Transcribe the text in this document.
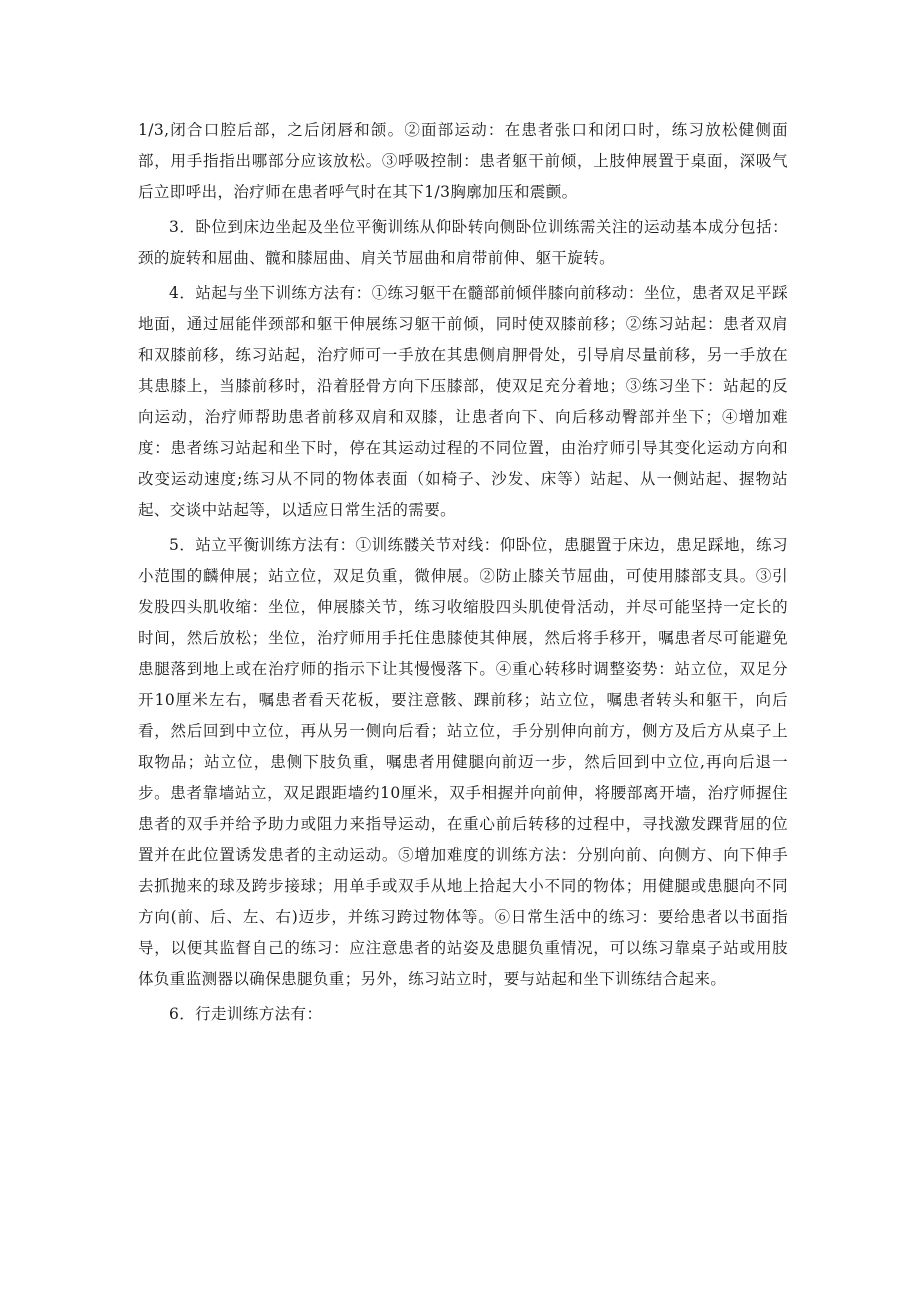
1/3,闭合口腔后部，之后闭唇和颌。②面部运动：在患者张口和闭口时，练习放松健侧面部，用手指指出哪部分应该放松。③呼吸控制：患者躯干前倾，上肢伸展置于桌面，深吸气后立即呼出，治疗师在患者呼气时在其下1/3胸廓加压和震颤。

3．卧位到床边坐起及坐位平衡训练从仰卧转向侧卧位训练需关注的运动基本成分包括：颈的旋转和屈曲、髋和膝屈曲、肩关节屈曲和肩带前伸、躯干旋转。

4．站起与坐下训练方法有：①练习躯干在髓部前倾伴膝向前移动：坐位，患者双足平踩地面，通过屈能伴颈部和躯干伸展练习躯干前倾，同时使双膝前移；②练习站起：患者双肩和双膝前移，练习站起，治疗师可一手放在其患侧肩胛骨处，引导肩尽量前移，另一手放在其患膝上，当膝前移时，沿着胫骨方向下压膝部，使双足充分着地；③练习坐下：站起的反向运动，治疗师帮助患者前移双肩和双膝，让患者向下、向后移动臀部并坐下；④增加难度：患者练习站起和坐下时，停在其运动过程的不同位置，由治疗师引导其变化运动方向和改变运动速度;练习从不同的物体表面（如椅子、沙发、床等）站起、从一侧站起、握物站起、交谈中站起等，以适应日常生活的需要。

5．站立平衡训练方法有：①训练髅关节对线：仰卧位，患腿置于床边，患足踩地，练习小范围的麟伸展；站立位，双足负重，微伸展。②防止膝关节屈曲，可使用膝部支具。③引发股四头肌收缩：坐位，伸展膝关节，练习收缩股四头肌使骨活动，并尽可能坚持一定长的时间，然后放松；坐位，治疗师用手托住患膝使其伸展，然后将手移开，嘱患者尽可能避免患腿落到地上或在治疗师的指示下让其慢慢落下。④重心转移时调整姿势：站立位，双足分开10厘米左右，嘱患者看天花板，要注意骸、踝前移；站立位，嘱患者转头和躯干，向后看，然后回到中立位，再从另一侧向后看；站立位，手分别伸向前方，侧方及后方从桌子上取物品；站立位，患侧下肢负重，嘱患者用健腿向前迈一步，然后回到中立位,再向后退一步。患者靠墙站立，双足跟距墙约10厘米，双手相握并向前伸，将腰部离开墙，治疗师握住患者的双手并给予助力或阻力来指导运动，在重心前后转移的过程中，寻找激发踝背屈的位置并在此位置诱发患者的主动运动。⑤增加难度的训练方法：分别向前、向侧方、向下伸手去抓抛来的球及跨步接球；用单手或双手从地上拾起大小不同的物体；用健腿或患腿向不同方向(前、后、左、右)迈步，并练习跨过物体等。⑥日常生活中的练习：要给患者以书面指导，以便其监督自己的练习：应注意患者的站姿及患腿负重情况，可以练习靠桌子站或用肢体负重监测器以确保患腿负重；另外，练习站立时，要与站起和坐下训练结合起来。

6．行走训练方法有：
